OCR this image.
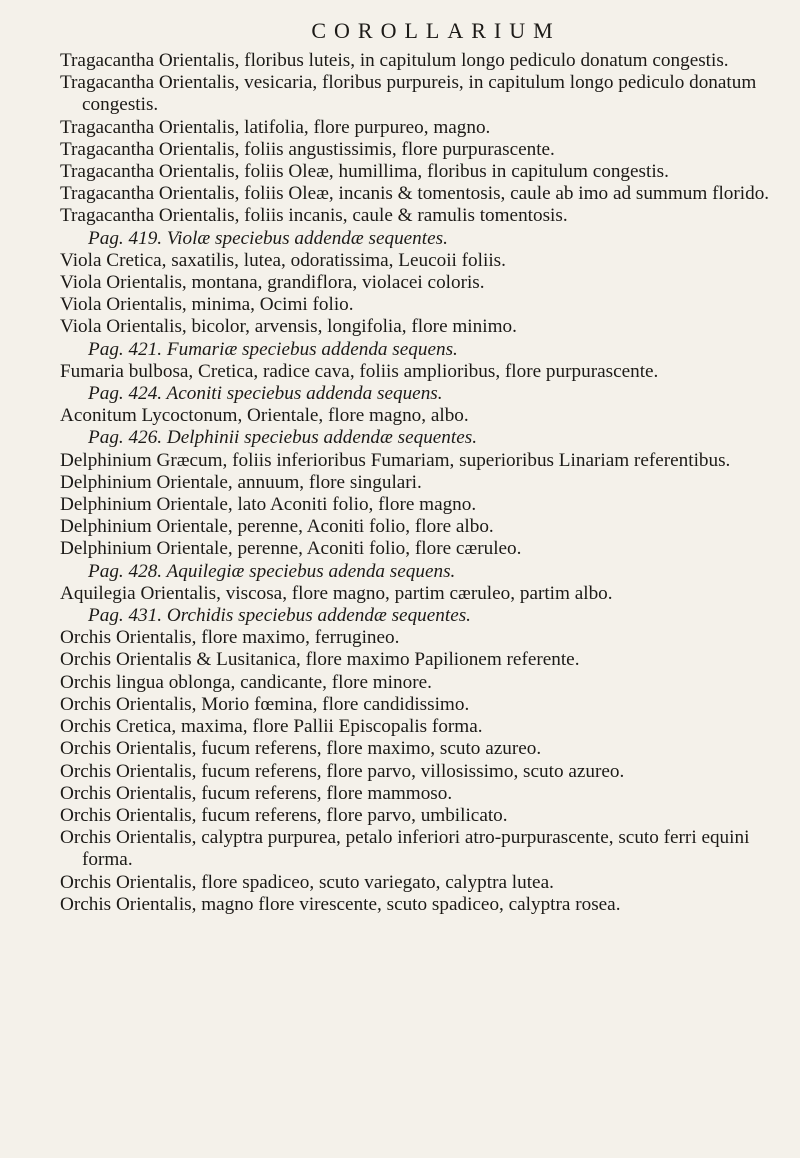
COROLLARIUM
Tragacantha Orientalis, floribus luteis, in capitulum longo pediculo donatum congestis.
Tragacantha Orientalis, vesicaria, floribus purpureis, in capitulum longo pediculo donatum congestis.
Tragacantha Orientalis, latifolia, flore purpureo, magno.
Tragacantha Orientalis, foliis angustissimis, flore purpurascente.
Tragacantha Orientalis, foliis Oleæ, humillima, floribus in capitulum congestis.
Tragacantha Orientalis, foliis Oleæ, incanis & tomentosis, caule ab imo ad summum florido.
Tragacantha Orientalis, foliis incanis, caule & ramulis tomentosis.
Pag. 419. Violæ speciebus addendæ sequentes.
Viola Cretica, saxatilis, lutea, odoratissima, Leucoii foliis.
Viola Orientalis, montana, grandiflora, violacei coloris.
Viola Orientalis, minima, Ocimi folio.
Viola Orientalis, bicolor, arvensis, longifolia, flore minimo.
Pag. 421. Fumariæ speciebus addenda sequens.
Fumaria bulbosa, Cretica, radice cava, foliis amplioribus, flore purpurascente.
Pag. 424. Aconiti speciebus addenda sequens.
Aconitum Lycoctonum, Orientale, flore magno, albo.
Pag. 426. Delphinii speciebus addendæ sequentes.
Delphinium Græcum, foliis inferioribus Fumariam, superioribus Linariam referentibus.
Delphinium Orientale, annuum, flore singulari.
Delphinium Orientale, lato Aconiti folio, flore magno.
Delphinium Orientale, perenne, Aconiti folio, flore albo.
Delphinium Orientale, perenne, Aconiti folio, flore cæruleo.
Pag. 428. Aquilegiæ speciebus adenda sequens.
Aquilegia Orientalis, viscosa, flore magno, partim cæruleo, partim albo.
Pag. 431. Orchidis speciebus addendæ sequentes.
Orchis Orientalis, flore maximo, ferrugineo.
Orchis Orientalis & Lusitanica, flore maximo Papilionem referente.
Orchis lingua oblonga, candicante, flore minore.
Orchis Orientalis, Morio fœmina, flore candidissimo.
Orchis Cretica, maxima, flore Pallii Episcopalis forma.
Orchis Orientalis, fucum referens, flore maximo, scuto azureo.
Orchis Orientalis, fucum referens, flore parvo, villosissimo, scuto azureo.
Orchis Orientalis, fucum referens, flore mammoso.
Orchis Orientalis, fucum referens, flore parvo, umbilicato.
Orchis Orientalis, calyptra purpurea, petalo inferiori atro-purpurascente, scuto ferri equini forma.
Orchis Orientalis, flore spadiceo, scuto variegato, calyptra lutea.
Orchis Orientalis, magno flore virescente, scuto spadiceo, calyptra rosea.
